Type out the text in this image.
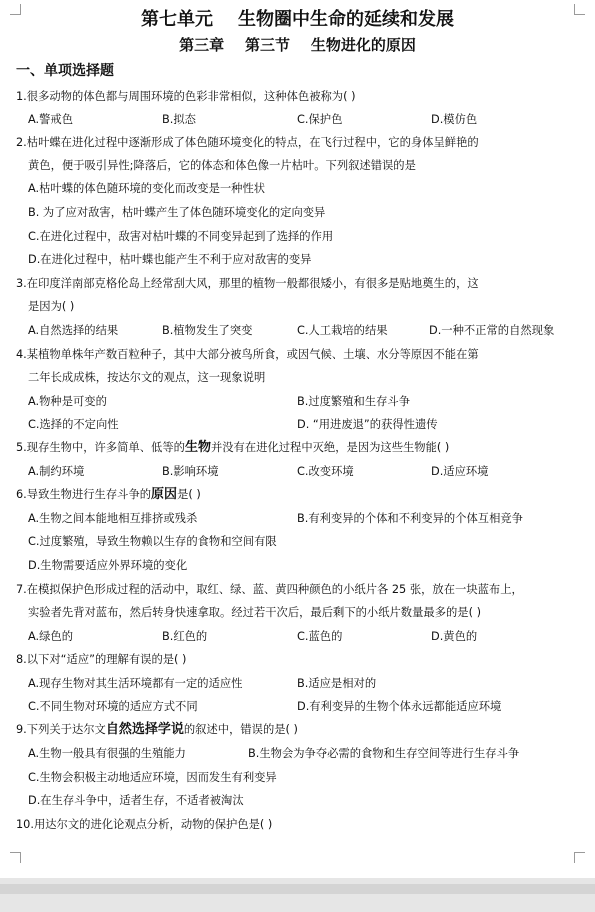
第七单元    生物圈中生命的延续和发展
第三章    第三节    生物进化的原因
一、单项选择题
1.很多动物的体色都与周围环境的色彩非常相似，这种体色被称为( )
A.警戒色	B.拟态	C.保护色	D.模仿色
2.枯叶蝶在进化过程中逐渐形成了体色随环境变化的特点，在飞行过程中，它的身体呈鲜艳的
黄色，便于吸引异性;降落后，它的体态和体色像一片枯叶。下列叙述错误的是
A.枯叶蝶的体色随环境的变化而改变是一种性状
B. 为了应对敌害，枯叶蝶产生了体色随环境变化的定向变异
C.在进化过程中，敌害对枯叶蝶的不同变异起到了选择的作用
D.在进化过程中，枯叶蝶也能产生不利于应对敌害的变异
3.在印度洋南部克格伦岛上经常刮大风，那里的植物一般都很矮小，有很多是贴地奠生的，这
是因为( )
A.自然选择的结果	B.植物发生了突变	C.人工栽培的结果	D.一种不正常的自然现象
4.某植物单株年产数百粒种子，其中大部分被鸟所食，或因气候、土壤、水分等原因不能在第
二年长成成株，按达尔文的观点，这一现象说明
A.物种是可变的	B.过度繁殖和生存斗争
C.选择的不定向性	D. “用进废退”的获得性遗传
5.现存生物中，许多简单、低等的生物并没有在进化过程中灭绝，是因为这些生物能( )
A.制约环境	B.影响环境	C.改变环境	D.适应环境
6.导致生物进行生存斗争的原因是( )
A.生物之间本能地相互排挤或残杀	B.有利变异的个体和不利变异的个体互相竞争
C.过度繁殖，导致生物赖以生存的食物和空间有限
D.生物需要适应外界环境的变化
7.在模拟保护色形成过程的活动中，取红、绿、蓝、黄四种颜色的小纸片各 25 张，放在一块蓝布上，
实验者先背对蓝布，然后转身快速拿取。经过若干次后，最后剩下的小纸片数量最多的是( )
A.绿色的	B.红色的	C.蓝色的	D.黄色的
8.以下对“适应”的理解有误的是( )
A.现存生物对其生活环境都有一定的适应性	B.适应是相对的
C.不同生物对环境的适应方式不同	D.有利变异的生物个体永远都能适应环境
9.下列关于达尔文自然选择学说的叙述中，错误的是( )
A.生物一般具有很强的生殖能力	B.生物会为争夺必需的食物和生存空间等进行生存斗争
C.生物会积极主动地适应环境，因而发生有利变异
D.在生存斗争中，适者生存，不适者被淘汰
10.用达尔文的进化论观点分析，动物的保护色是( )
